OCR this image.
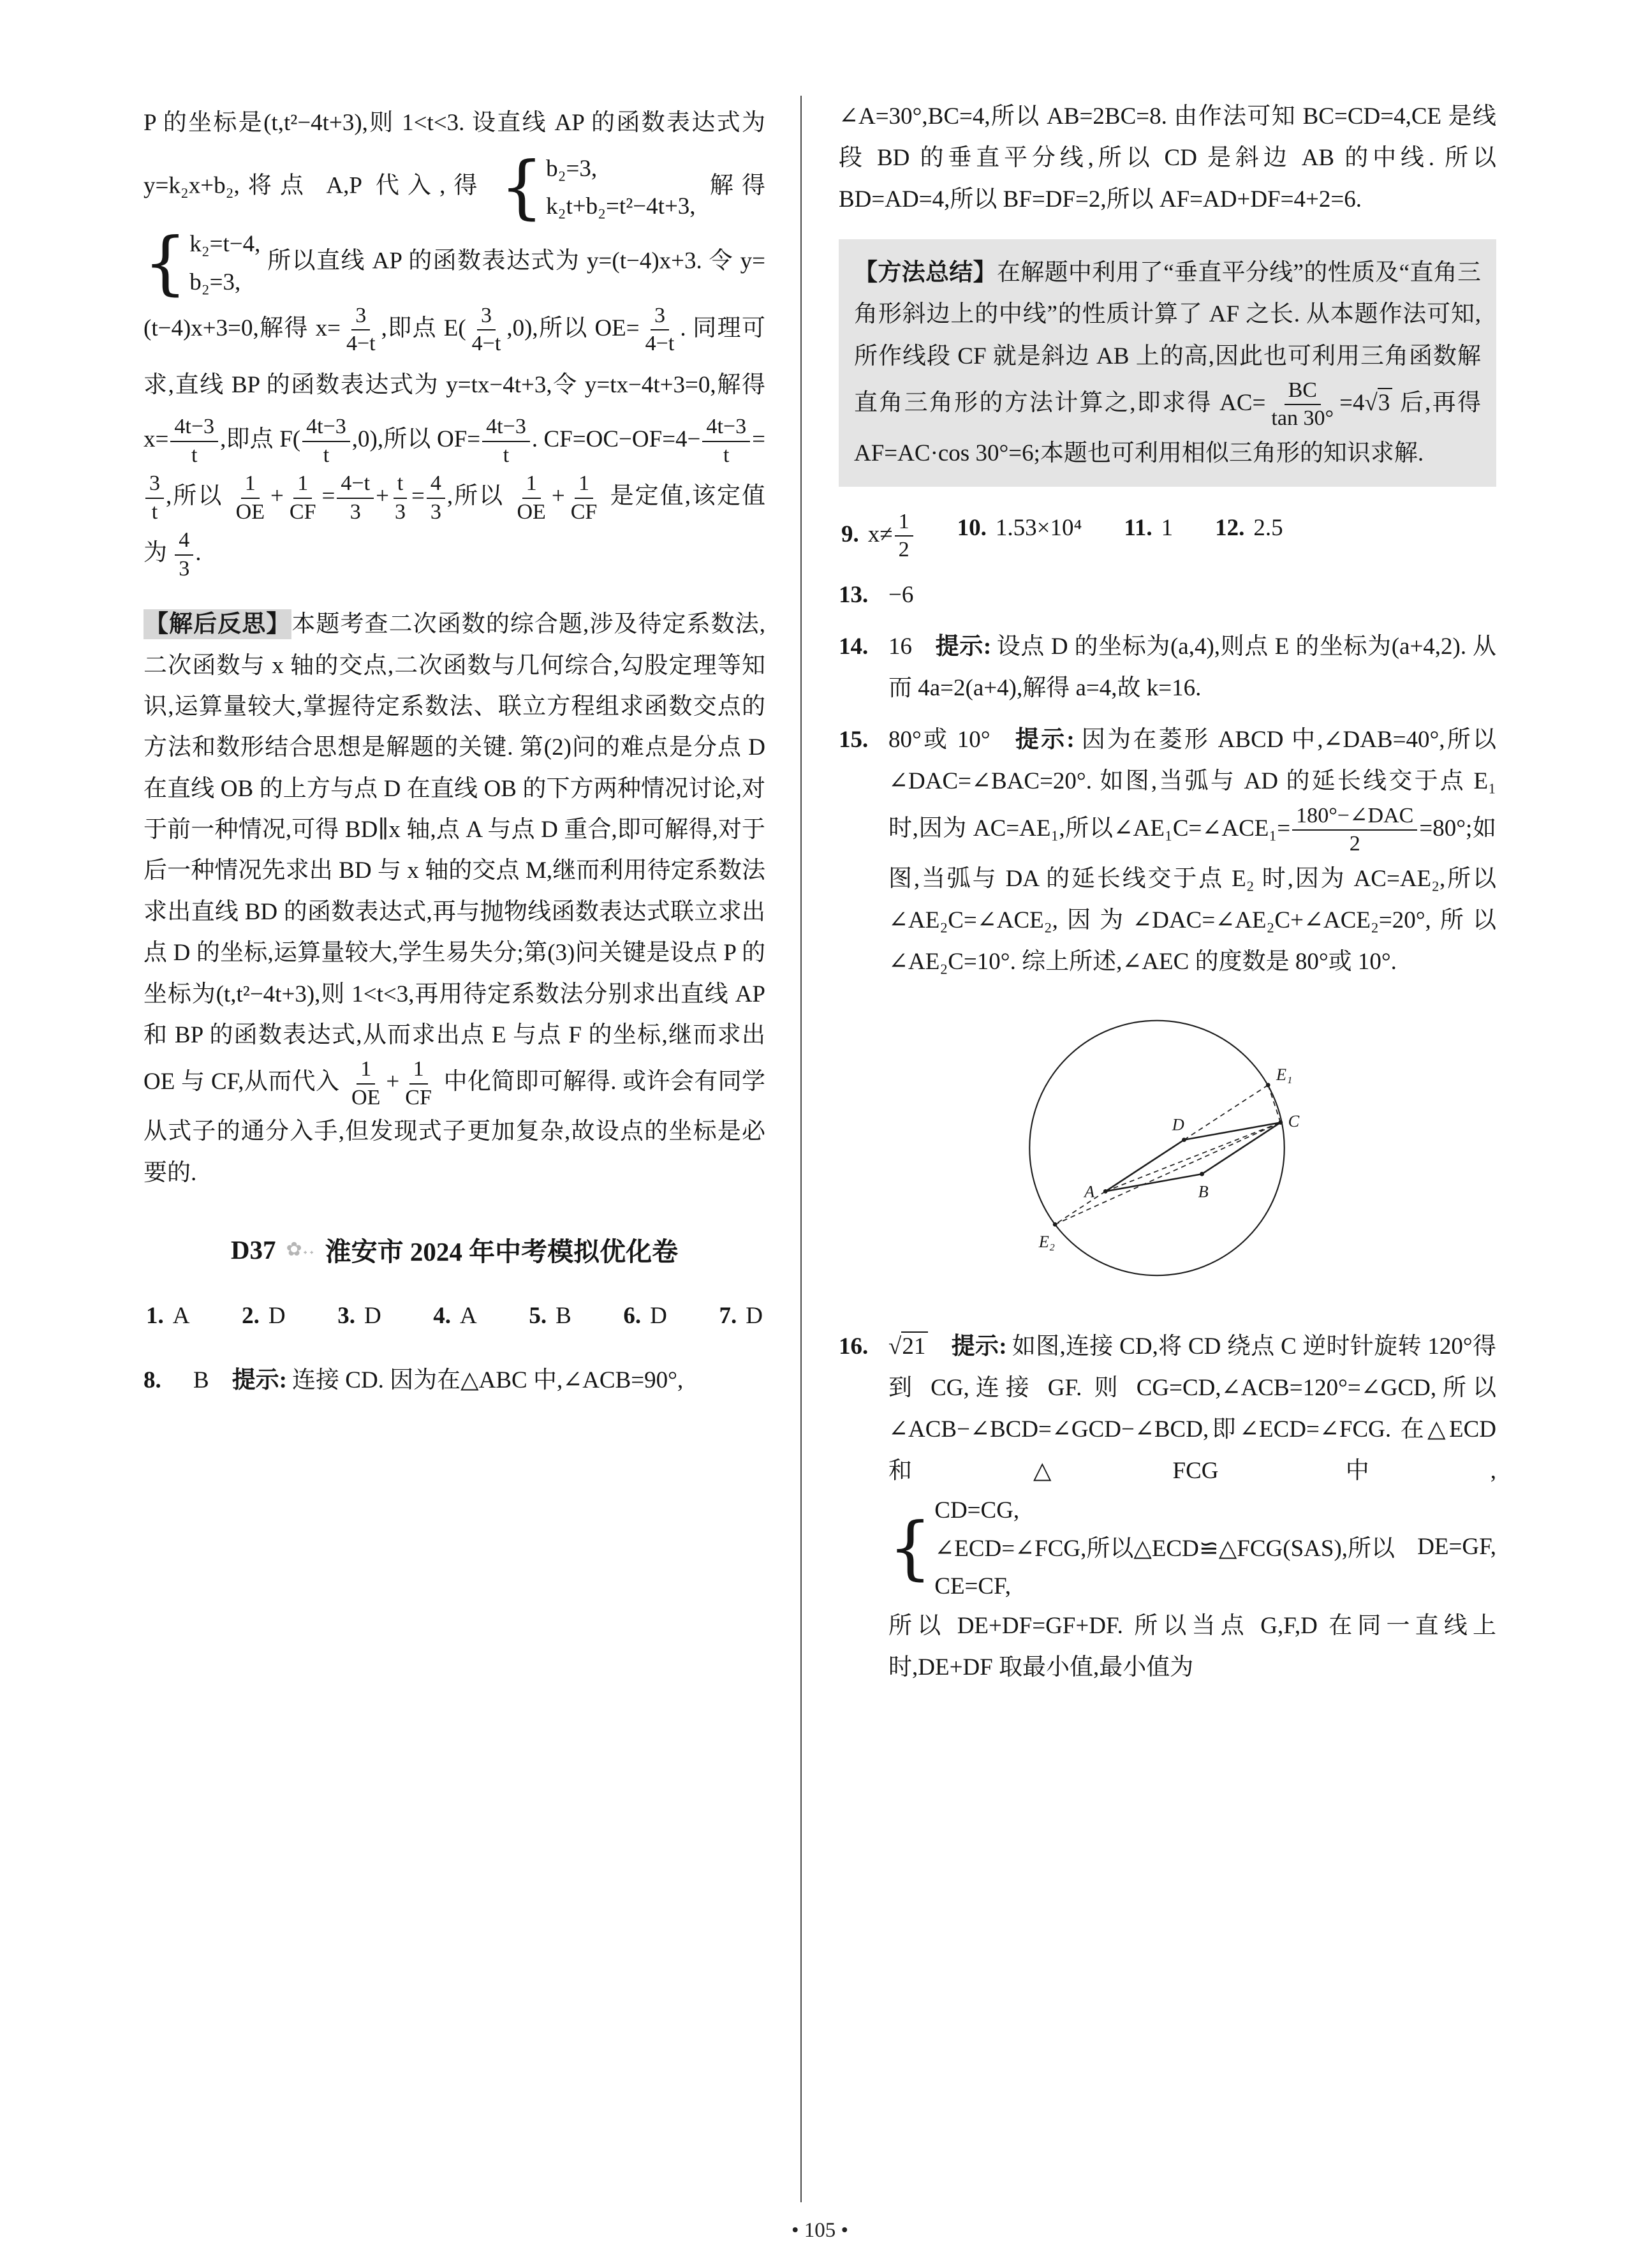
P 的坐标是(t,t²−4t+3),则 1<t<3. 设直线 AP 的函数表达式为 y=k₂x+b₂,将点 A,P 代入,得 { b₂=3,
k₂t+b₂=t²−4t+3,
解得
{ k₂=t−4,
b₂=3,
所以直线 AP 的函数表达式为 y=(t−4)x+3. 令 y=(t−4)x+3=0,解得 $x= \frac{3}{4-t}$ ,即点 $E( \frac{3}{4-t} ,0)$,所以 $OE= \frac{3}{4-t}$ . 同理可求,直线 BP 的函数表达式为 y=tx−4t+3,令 y=tx−4t+3=0,解得 $x= \frac{4t-3}{t}$ ,即点 $F( \frac{4t-3}{t} ,0)$,所以 $OF= \frac{4t-3}{t}$ . $CF=OC-OF=4- \frac{4t-3}{t}$ =
$\frac{3}{t}$ ,所以 $\frac{1}{OE} + \frac{1}{CF} = \frac{4-t}{3} + \frac{t}{3} = \frac{4}{3}$ ,所以 $\frac{1}{OE} + \frac{1}{CF}$ 是定值,该定值为 $\frac{4}{3}$ .

【解后反思】本题考查二次函数的综合题,涉及待定系数法,二次函数与 x 轴的交点,二次函数与几何综合,勾股定理等知识,运算量较大,掌握待定系数法、联立方程组求函数交点的方法和数形结合思想是解题的关键. 第(2)问的难点是分点 D 在直线 OB 的上方与点 D 在直线 OB 的下方两种情况讨论,对于前一种情况,可得 BD∥x 轴,点 A 与点 D 重合,即可解得,对于后一种情况先求出 BD 与 x 轴的交点 M,继而利用待定系数法求出直线 BD 的函数表达式,再与抛物线函数表达式联立求出点 D 的坐标,运算量较大,学生易失分;第(3)问关键是设点 P 的坐标为(t,t²−4t+3),则 1<t<3,再用待定系数法分别求出直线 AP 和 BP 的函数表达式,从而求出点 E 与点 F 的坐标,继而求出 OE 与 CF,从而代入 $\frac{1}{OE} + \frac{1}{CF}$ 中化简即可解得. 或许会有同学从式子的通分入手,但发现式子更加复杂,故设点的坐标是必要的.

D37 ✿˖˖ 淮安市 2024 年中考模拟优化卷
1. A 2. D 3. D 4. A 5. B 6. D 7. D
8.	B 提示: 连接 CD. 因为在△ABC 中,∠ACB=90°,

∠A=30°,BC=4,所以 AB=2BC=8. 由作法可知 BC=CD=4,CE 是线段 BD 的垂直平分线,所以 CD 是斜边 AB 的中线. 所以 BD=AD=4,所以 BF=DF=2,所以 AF=AD+DF=4+2=6.

【方法总结】在解题中利用了“垂直平分线”的性质及“直角三角形斜边上的中线”的性质计算了 AF 之长. 从本题作法可知,所作线段 CF 就是斜边 AB 上的高,因此也可利用三角函数解直角三角形的方法计算之,即求得 $AC= \frac{BC}{\tan 30^\circ} =4√3$ 后,再得 AF=AC·cos 30°=6;本题也可利用相似三角形的知识求解.
9. $x\ne \frac{1}{2} 10$. 1.53×10⁴ 11. 1 12. 2.5
13. −6
14. 16 提示: 设点 D 的坐标为(a,4),则点 E 的坐标为(a+4,2). 从而 4a=2(a+4),解得 a=4,故 k=16.
15. 80°或 10° 提示: 因为在菱形 ABCD 中,∠DAB=40°,所以∠DAC=∠BAC=20°. 如图,当弧与 AD 的延长线交于点 E₁ 时,因为 AC=AE₁,所以∠AE₁C=∠ACE₁= $\frac{\text{180°−∠DAC}}{2} =80^\circ$;如图,当弧与 DA 的延长线交于点 E₂ 时,因为 AC=AE₂,所以∠AE₂C=∠ACE₂,因为∠DAC=∠AE₂C+∠ACE₂=20°,所以∠AE₂C=10°. 综上所述,∠AEC 的度数是 80°或 10°.
A	B
C
D
E₁
E₂
16. √21 提示: 如图,连接 CD,将 CD 绕点 C 逆时针旋转 120°得到 CG,连接 GF. 则 CG=CD,∠ACB=120°=∠GCD,所以∠ACB−∠BCD=∠GCD−∠BCD,即∠ECD=∠FCG. 在△ECD 和△FCG 中,
{ CD=CG,
∠ECD=∠FCG,所以△ECD≌△FCG(SAS),所以
CE=CF,
DE=GF,所以 DE+DF=GF+DF. 所以当点 G,F,D 在同一直线上时,DE+DF 取最小值,最小值为
• 105 •
